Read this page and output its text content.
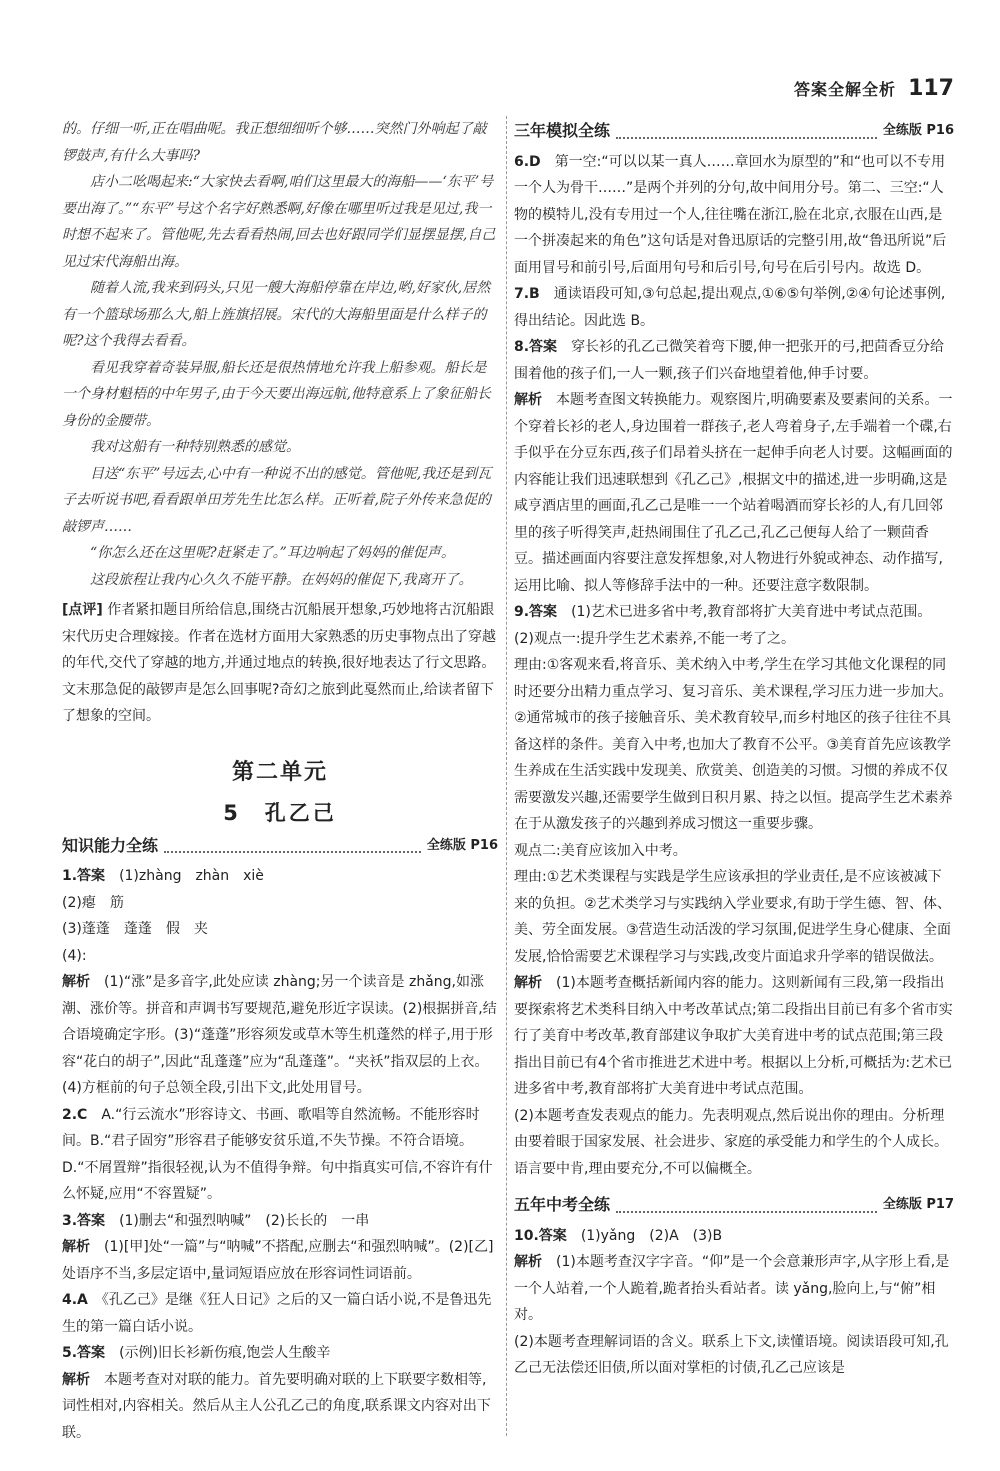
答案全解全析 117

的。仔细一听,正在唱曲呢。我正想细细听个够……突然门外响起了敲锣鼓声,有什么大事吗?

店小二吆喝起来:“大家快去看啊,咱们这里最大的海船——‘东平’号要出海了。”“东平”号这个名字好熟悉啊,好像在哪里听过我是见过,我一时想不起来了。管他呢,先去看看热闹,回去也好跟同学们显摆显摆,自己见过宋代海船出海。

随着人流,我来到码头,只见一艘大海船停靠在岸边,哟,好家伙,居然有一个篮球场那么大,船上旌旗招展。宋代的大海船里面是什么样子的呢?这个我得去看看。

看见我穿着奇装异服,船长还是很热情地允许我上船参观。船长是一个身材魁梧的中年男子,由于今天要出海远航,他特意系上了象征船长身份的金腰带。

我对这船有一种特别熟悉的感觉。

目送“东平”号远去,心中有一种说不出的感觉。管他呢,我还是到瓦子去听说书吧,看看跟单田芳先生比怎么样。正听着,院子外传来急促的敲锣声……

“你怎么还在这里呢?赶紧走了。”耳边响起了妈妈的催促声。

这段旅程让我内心久久不能平静。在妈妈的催促下,我离开了。

[点评] 作者紧扣题目所给信息,围绕古沉船展开想象,巧妙地将古沉船跟宋代历史合理嫁接。作者在选材方面用大家熟悉的历史事物点出了穿越的年代,交代了穿越的地方,并通过地点的转换,很好地表达了行文思路。文末那急促的敲锣声是怎么回事呢?奇幻之旅到此戛然而止,给读者留下了想象的空间。
第二单元
5　孔乙己
知识能力全练	全练版 P16
1.答案　 (1)zhàng　zhàn　xiè
(2)瘪　筋
(3)蓬蓬　蓬蓬　假　夹
(4):
解析　 (1)“涨”是多音字,此处应读 zhàng;另一个读音是 zhǎng,如涨潮、涨价等。拼音和声调书写要规范,避免形近字误读。(2)根据拼音,结合语境确定字形。(3)“蓬蓬”形容须发或草木等生机蓬然的样子,用于形容“花白的胡子”,因此“乱蓬蓬”应为“乱蓬蓬”。“夹袄”指双层的上衣。(4)方框前的句子总领全段,引出下文,此处用冒号。
2.C　 A.“行云流水”形容诗文、书画、歌唱等自然流畅。不能形容时间。B.“君子固穷”形容君子能够安贫乐道,不失节操。不符合语境。D.“不屑置辩”指很轻视,认为不值得争辩。句中指真实可信,不容许有什么怀疑,应用“不容置疑”。
3.答案　 (1)删去“和强烈呐喊”　(2)长长的　一串
解析　 (1)[甲]处“一篇”与“呐喊”不搭配,应删去“和强烈呐喊”。(2)[乙]处语序不当,多层定语中,量词短语应放在形容词性词语前。
4.A　 《孔乙己》是继《狂人日记》之后的又一篇白话小说,不是鲁迅先生的第一篇白话小说。
5.答案　 (示例)旧长衫新伤痕,饱尝人生酸辛
解析　 本题考查对对联的能力。首先要明确对联的上下联要字数相等,词性相对,内容相关。然后从主人公孔乙己的角度,联系课文内容对出下联。
三年模拟全练	全练版 P16
6.D　 第一空:“可以以某一真人……章回水为原型的”和“也可以不专用一个人为骨干……”是两个并列的分句,故中间用分号。第二、三空:“人物的模特儿,没有专用过一个人,往往嘴在浙江,脸在北京,衣服在山西,是一个拼凑起来的角色”这句话是对鲁迅原话的完整引用,故“鲁迅所说”后面用冒号和前引号,后面用句号和后引号,句号在后引号内。故选 D。
7.B　 通读语段可知,③句总起,提出观点,①⑥⑤句举例,②④句论述事例,得出结论。因此选 B。
8.答案　 穿长衫的孔乙己微笑着弯下腰,伸一把张开的弓,把茴香豆分给围着他的孩子们,一人一颗,孩子们兴奋地望着他,伸手讨要。
解析　 本题考查图文转换能力。观察图片,明确要素及要素间的关系。一个穿着长衫的老人,身边围着一群孩子,老人弯着身子,左手端着一个碟,右手似乎在分豆东西,孩子们昂着头挤在一起伸手向老人讨要。这幅画面的内容能让我们迅速联想到《孔乙己》,根据文中的描述,进一步明确,这是咸亨酒店里的画面,孔乙己是唯一一个站着喝酒而穿长衫的人,有几回邻里的孩子听得笑声,赶热闹围住了孔乙己,孔乙己便每人给了一颗茴香豆。描述画面内容要注意发挥想象,对人物进行外貌或神态、动作描写,运用比喻、拟人等修辞手法中的一种。还要注意字数限制。
9.答案　 (1)艺术已进多省中考,教育部将扩大美育进中考试点范围。
(2)观点一:提升学生艺术素养,不能一考了之。
理由:①客观来看,将音乐、美术纳入中考,学生在学习其他文化课程的同时还要分出精力重点学习、复习音乐、美术课程,学习压力进一步加大。②通常城市的孩子接触音乐、美术教育较早,而乡村地区的孩子往往不具备这样的条件。美育入中考,也加大了教育不公平。③美育首先应该教学生养成在生活实践中发现美、欣赏美、创造美的习惯。习惯的养成不仅需要激发兴趣,还需要学生做到日积月累、持之以恒。提高学生艺术素养在于从激发孩子的兴趣到养成习惯这一重要步骤。
观点二:美育应该加入中考。
理由:①艺术类课程与实践是学生应该承担的学业责任,是不应该被减下来的负担。②艺术类学习与实践纳入学业要求,有助于学生德、智、体、美、劳全面发展。③营造生动活泼的学习氛围,促进学生身心健康、全面发展,恰恰需要艺术课程学习与实践,改变片面追求升学率的错误做法。
解析　 (1)本题考查概括新闻内容的能力。这则新闻有三段,第一段指出要探索将艺术类科目纳入中考改革试点;第二段指出目前已有多个省市实行了美育中考改革,教育部建议争取扩大美育进中考的试点范围;第三段指出目前已有4个省市推进艺术进中考。根据以上分析,可概括为:艺术已进多省中考,教育部将扩大美育进中考试点范围。
(2)本题考查发表观点的能力。先表明观点,然后说出你的理由。分析理由要着眼于国家发展、社会进步、家庭的承受能力和学生的个人成长。语言要中肯,理由要充分,不可以偏概全。
五年中考全练	全练版 P17
10.答案　 (1)yǎng　(2)A　(3)B
解析　 (1)本题考查汉字字音。“仰”是一个会意兼形声字,从字形上看,是一个人站着,一个人跪着,跪者抬头看站者。读 yǎng,脸向上,与“俯”相对。
(2)本题考查理解词语的含义。联系上下文,读懂语境。阅读语段可知,孔乙己无法偿还旧债,所以面对掌柜的讨债,孔乙己应该是
